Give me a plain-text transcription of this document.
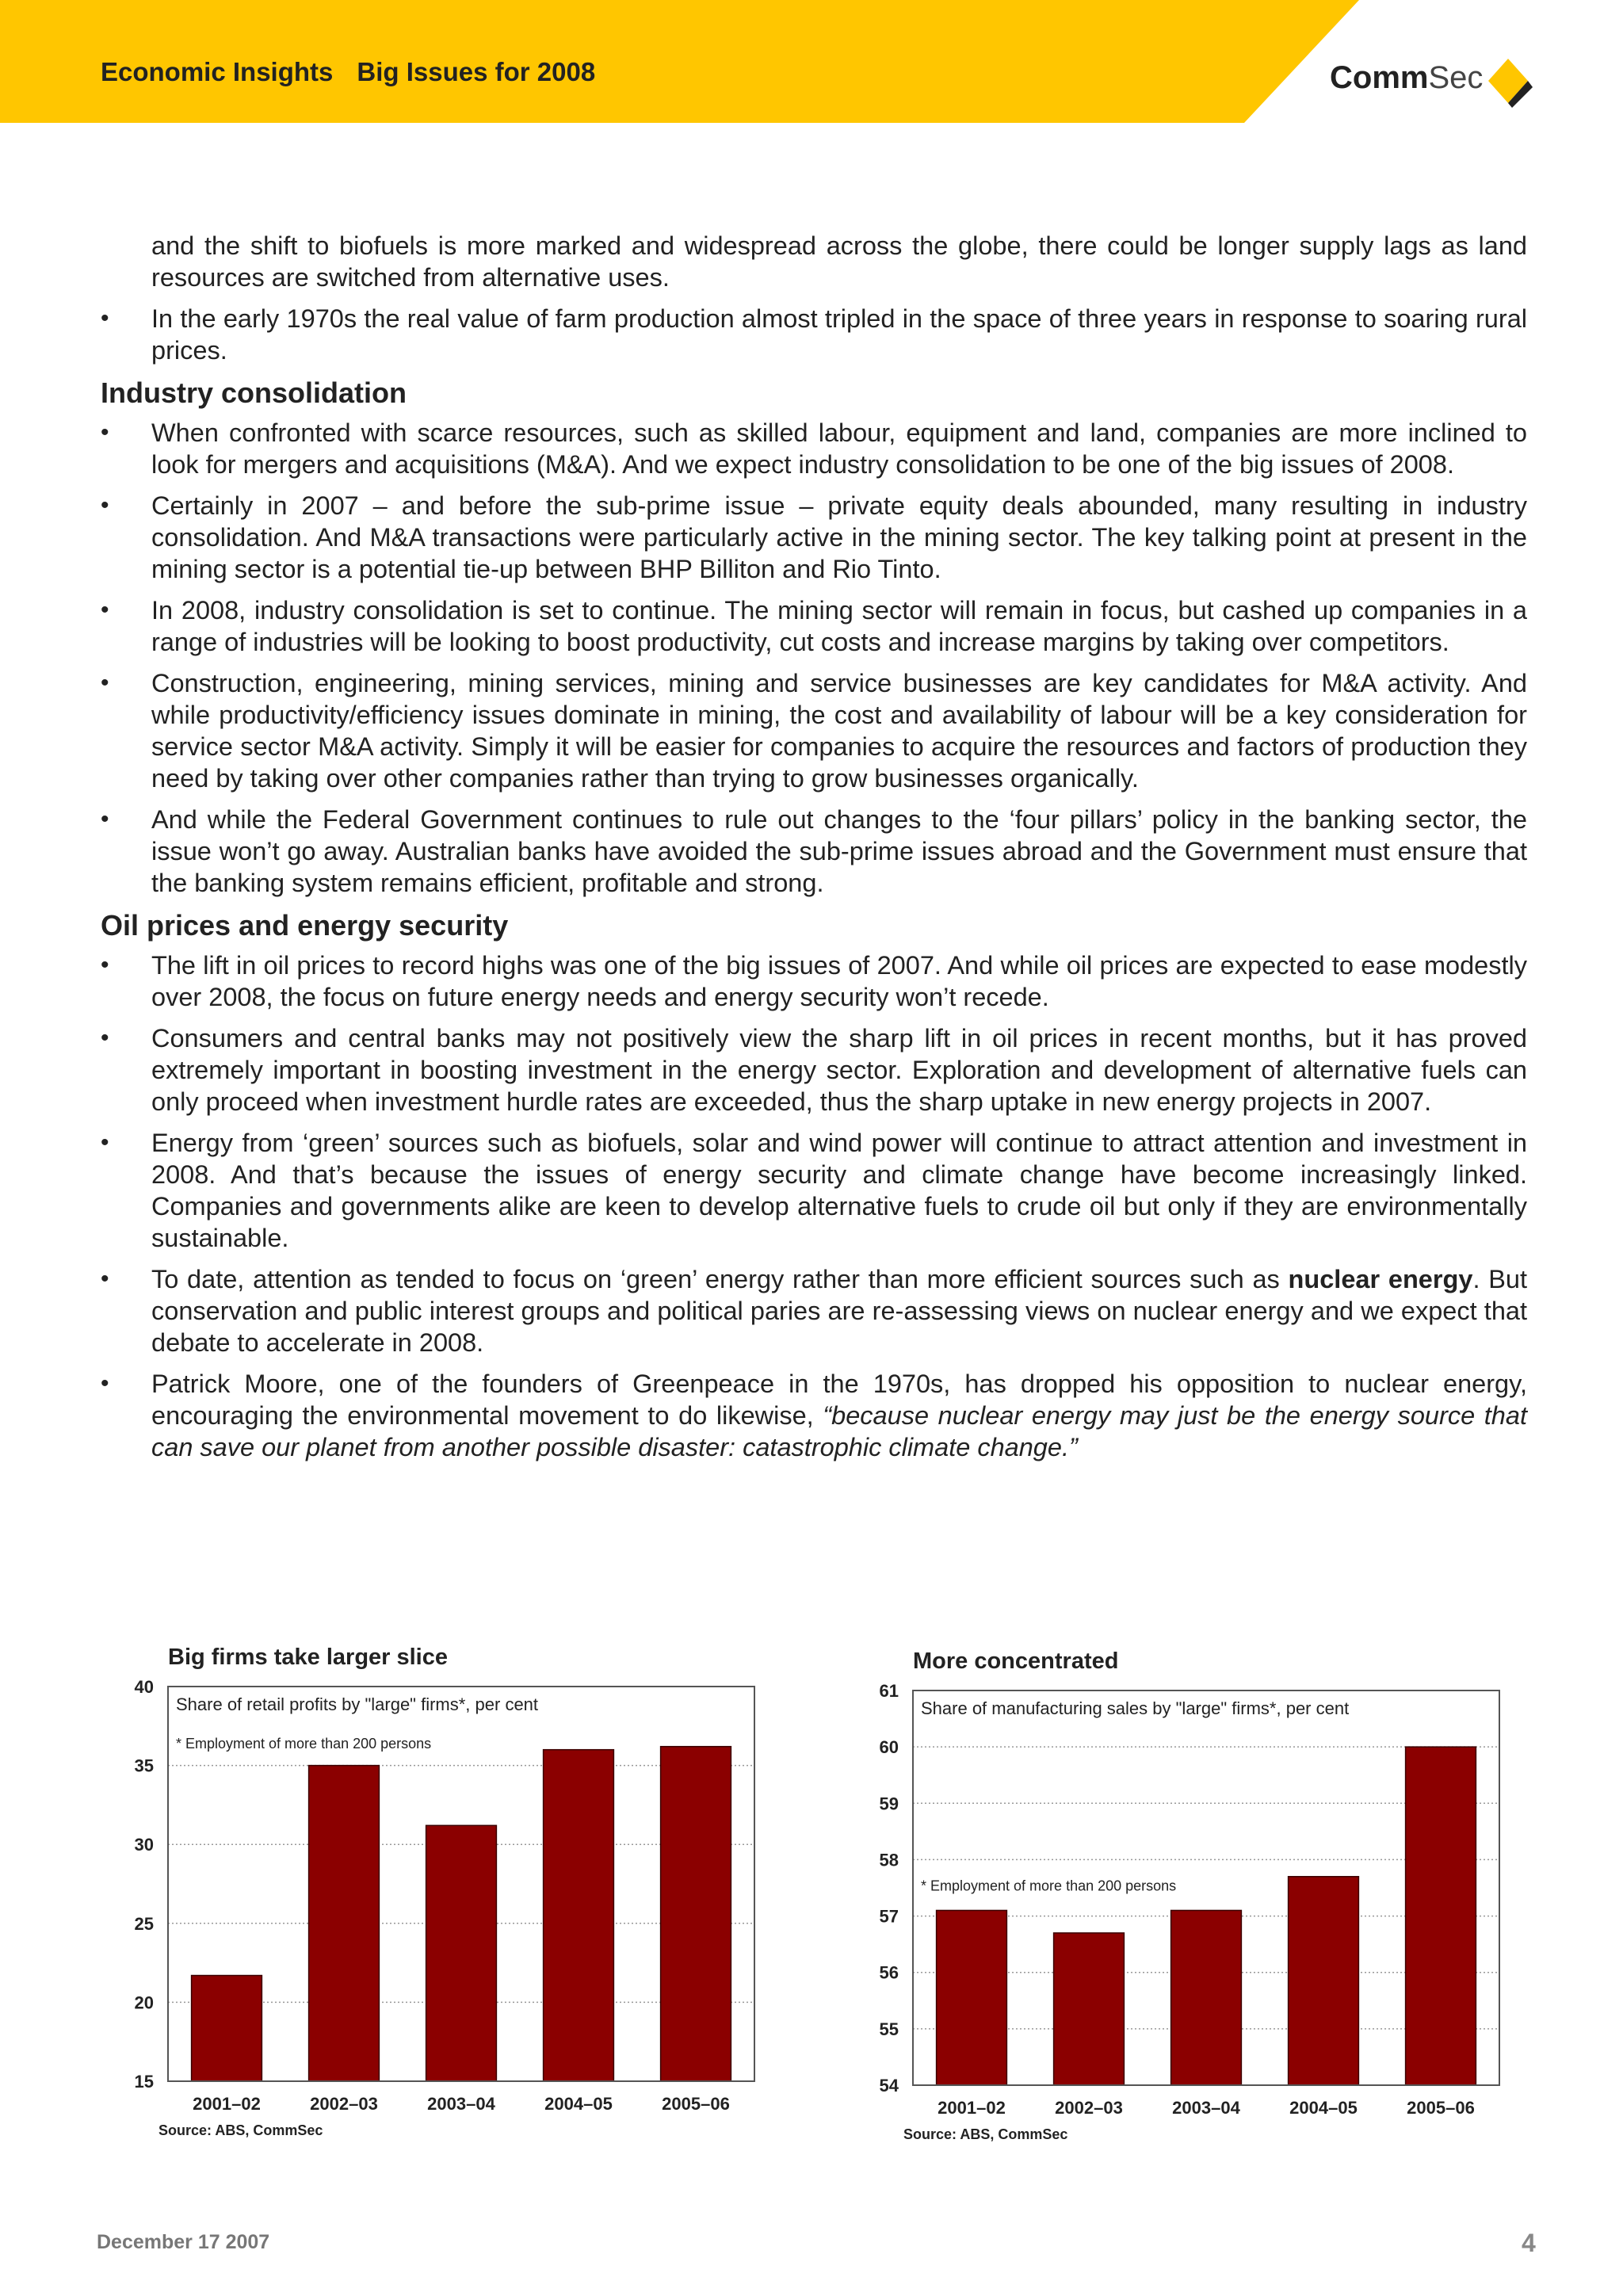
Economic Insights Big Issues for 2008	CommSec

and the shift to biofuels is more marked and widespread across the globe, there could be longer supply lags as land resources are switched from alternative uses.

•	In the early 1970s the real value of farm production almost tripled in the space of three years in response to soaring rural prices.
Industry consolidation
•	When confronted with scarce resources, such as skilled labour, equipment and land, companies are more inclined to look for mergers and acquisitions (M&A). And we expect industry consolidation to be one of the big issues of 2008.
•	Certainly in 2007 – and before the sub-prime issue – private equity deals abounded, many resulting in industry consolidation. And M&A transactions were particularly active in the mining sector. The key talking point at present in the mining sector is a potential tie-up between BHP Billiton and Rio Tinto.
•	In 2008, industry consolidation is set to continue. The mining sector will remain in focus, but cashed up companies in a range of industries will be looking to boost productivity, cut costs and increase margins by taking over competitors.
•	Construction, engineering, mining services, mining and service businesses are key candidates for M&A activity. And while productivity/efficiency issues dominate in mining, the cost and availability of labour will be a key consideration for service sector M&A activity. Simply it will be easier for companies to acquire the resources and factors of production they need by taking over other companies rather than trying to grow businesses organically.
•	And while the Federal Government continues to rule out changes to the ‘four pillars’ policy in the banking sector, the issue won’t go away. Australian banks have avoided the sub-prime issues abroad and the Government must ensure that the banking system remains efficient, profitable and strong.
Oil prices and energy security
•	The lift in oil prices to record highs was one of the big issues of 2007. And while oil prices are expected to ease modestly over 2008, the focus on future energy needs and energy security won’t recede.
•	Consumers and central banks may not positively view the sharp lift in oil prices in recent months, but it has proved extremely important in boosting investment in the energy sector. Exploration and development of alternative fuels can only proceed when investment hurdle rates are exceeded, thus the sharp uptake in new energy projects in 2007.
•	Energy from ‘green’ sources such as biofuels, solar and wind power will continue to attract attention and investment in 2008. And that’s because the issues of energy security and climate change have become increasingly linked. Companies and governments alike are keen to develop alternative fuels to crude oil but only if they are environmentally sustainable.
•	To date, attention as tended to focus on ‘green’ energy rather than more efficient sources such as nuclear energy. But conservation and public interest groups and political paries are re-assessing views on nuclear energy and we expect that debate to accelerate in 2008.
•	Patrick Moore, one of the founders of Greenpeace in the 1970s, has dropped his opposition to nuclear energy, encouraging the environmental movement to do likewise, “because nuclear energy may just be the energy source that can save our planet from another possible disaster: catastrophic climate change.”
Big firms take larger slice
40
35
30
25
20
15
2001–02	2002–03	2003–04	2004–05	2005–06
Share of retail profits by "large" firms*, per cent
* Employment of more than 200 persons
Source: ABS, CommSec
More concentrated
61
60
59
58
57
56
55
54
2001–02	2002–03	2003–04	2004–05	2005–06
Share of manufacturing sales by "large" firms*, per cent
* Employment of more than 200 persons
Source: ABS, CommSec
December 17 2007	4
